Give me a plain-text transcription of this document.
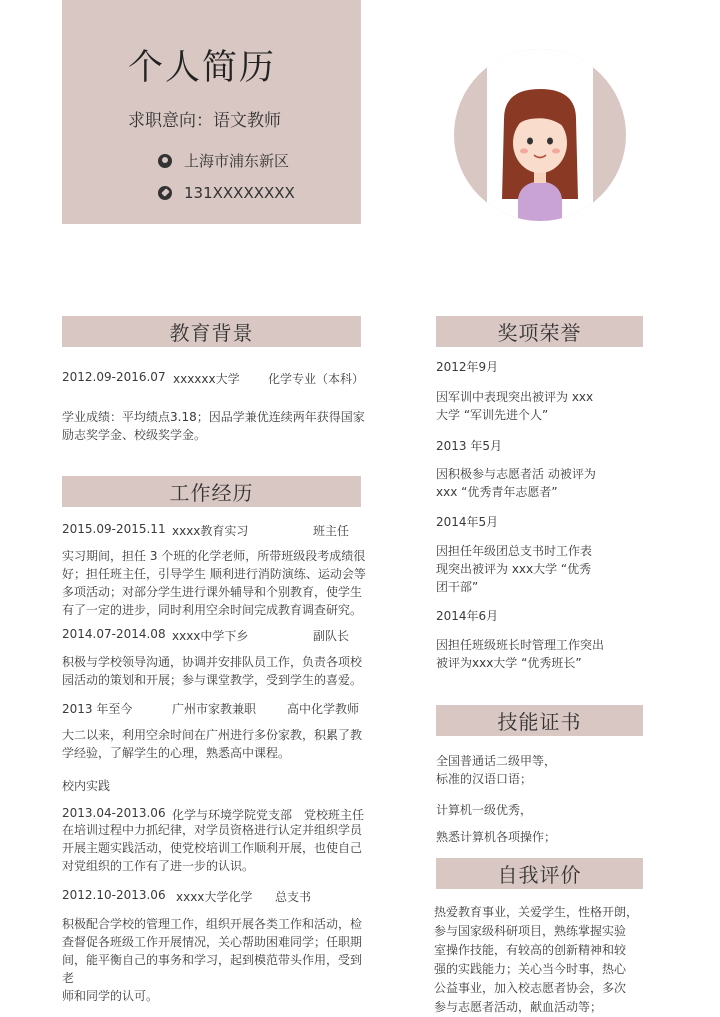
个人简历
求职意向：语文教师
上海市浦东新区
131XXXXXXXX
教育背景
2012.09-2016.07 xxxxxx大学 化学专业（本科）
学业成绩：平均绩点3.18；因品学兼优连续两年获得国家
励志奖学金、校级奖学金。
工作经历
2015.09-2015.11 xxxx教育实习	班主任
实习期间，担任 3 个班的化学老师，所带班级段考成绩很
好；担任班主任，引导学生 顺利进行消防演练、运动会等
多项活动；对部分学生进行课外辅导和个别教育，使学生
有了一定的进步，同时利用空余时间完成教育调查研究。
2014.07-2014.08 xxxx中学下乡	副队长
积极与学校领导沟通，协调并安排队员工作，负责各项校
园活动的策划和开展；参与课堂教学，受到学生的喜爱。
2013 年至今	广州市家教兼职	高中化学教师
大二以来，利用空余时间在广州进行多份家教，积累了教
学经验，了解学生的心理，熟悉高中课程。
校内实践
2013.04-2013.06 化学与环境学院党支部 党校班主任
在培训过程中力抓纪律，对学员资格进行认定并组织学员
开展主题实践活动，使党校培训工作顺利开展，也使自己
对党组织的工作有了进一步的认识。
2012.10-2013.06 xxxx大学化学 总支书
积极配合学校的管理工作，组织开展各类工作和活动，检
查督促各班级工作开展情况，关心帮助困难同学；任职期
间，能平衡自己的事务和学习，起到模范带头作用，受到老
师和同学的认可。
奖项荣誉
2012年9月
因军训中表现突出被评为 xxx
大学 “军训先进个人”
2013 年5月
因积极参与志愿者活 动被评为
xxx “优秀青年志愿者”
2014年5月
因担任年级团总支书时工作表
现突出被评为 xxx大学 “优秀
团干部”
2014年6月
因担任班级班长时管理工作突出
被评为xxx大学 “优秀班长”
技能证书
全国普通话二级甲等，
标准的汉语口语；
计算机一级优秀，
熟悉计算机各项操作；
自我评价
热爱教育事业，关爱学生，性格开朗，
参与国家级科研项目，熟练掌握实验
室操作技能，有较高的创新精神和较
强的实践能力；关心当今时事，热心
公益事业，加入校志愿者协会，多次
参与志愿者活动，献血活动等；
